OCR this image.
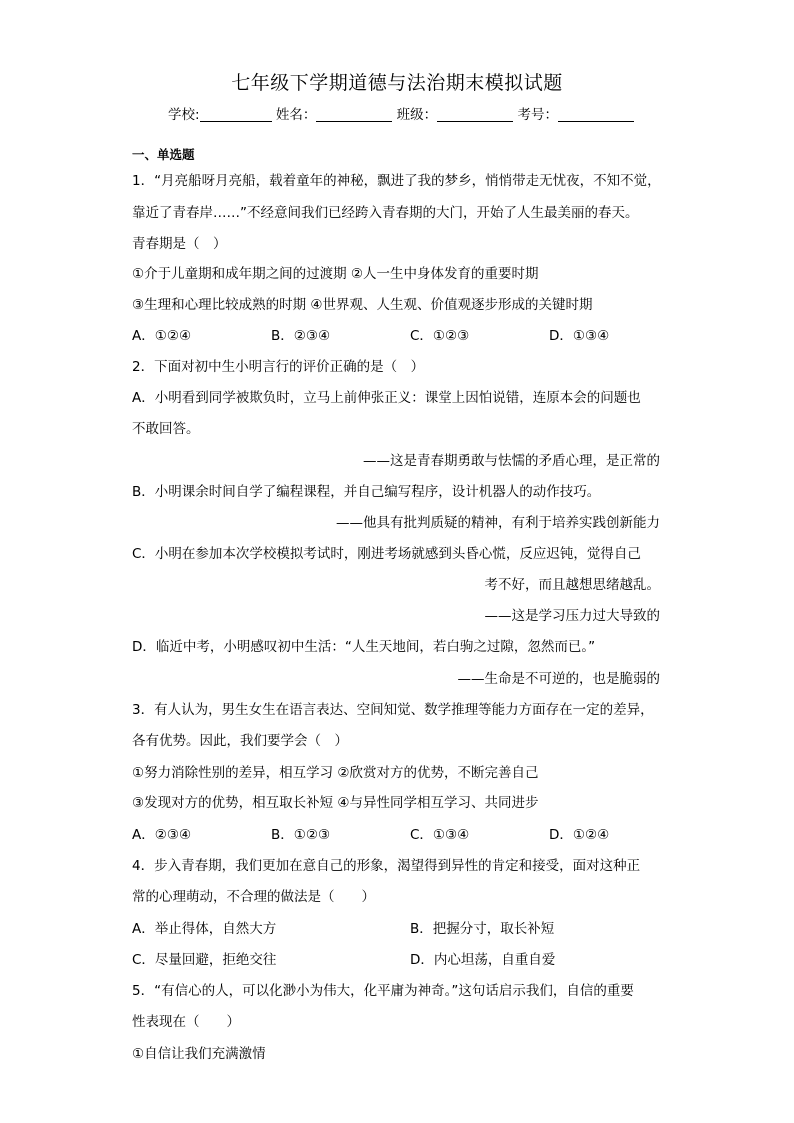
七年级下学期道德与法治期末模拟试题
学校:	姓名：	班级：	考号：
一、单选题
1．“月亮船呀月亮船，载着童年的神秘，飘进了我的梦乡，悄悄带走无忧夜，不知不觉，
靠近了青春岸……”不经意间我们已经跨入青春期的大门，开始了人生最美丽的春天。
青春期是（　）
①介于儿童期和成年期之间的过渡期 ②人一生中身体发育的重要时期
③生理和心理比较成熟的时期 ④世界观、人生观、价值观逐步形成的关键时期
A．①②④	B．②③④	C．①②③	D．①③④
2．下面对初中生小明言行的评价正确的是（　）
A．小明看到同学被欺负时，立马上前伸张正义：课堂上因怕说错，连原本会的问题也
不敢回答。
——这是青春期勇敢与怯懦的矛盾心理，是正常的
B．小明课余时间自学了编程课程，并自己编写程序，设计机器人的动作技巧。
——他具有批判质疑的精神，有利于培养实践创新能力
C．小明在参加本次学校模拟考试时，刚进考场就感到头昏心慌，反应迟钝，觉得自己
考不好，而且越想思绪越乱。
——这是学习压力过大导致的
D．临近中考，小明感叹初中生活：“人生天地间，若白驹之过隙，忽然而已。”
——生命是不可逆的，也是脆弱的
3．有人认为，男生女生在语言表达、空间知觉、数学推理等能力方面存在一定的差异，
各有优势。因此，我们要学会（　）
①努力消除性别的差异，相互学习 ②欣赏对方的优势，不断完善自己
③发现对方的优势，相互取长补短 ④与异性同学相互学习、共同进步
A．②③④	B．①②③	C．①③④	D．①②④
4．步入青春期，我们更加在意自己的形象，渴望得到异性的肯定和接受，面对这种正
常的心理萌动，不合理的做法是（　　）
A．举止得体，自然大方	B．把握分寸，取长补短
C．尽量回避，拒绝交往	D．内心坦荡，自重自爱
5．“有信心的人，可以化渺小为伟大，化平庸为神奇。”这句话启示我们，自信的重要
性表现在（　　）
①自信让我们充满激情
